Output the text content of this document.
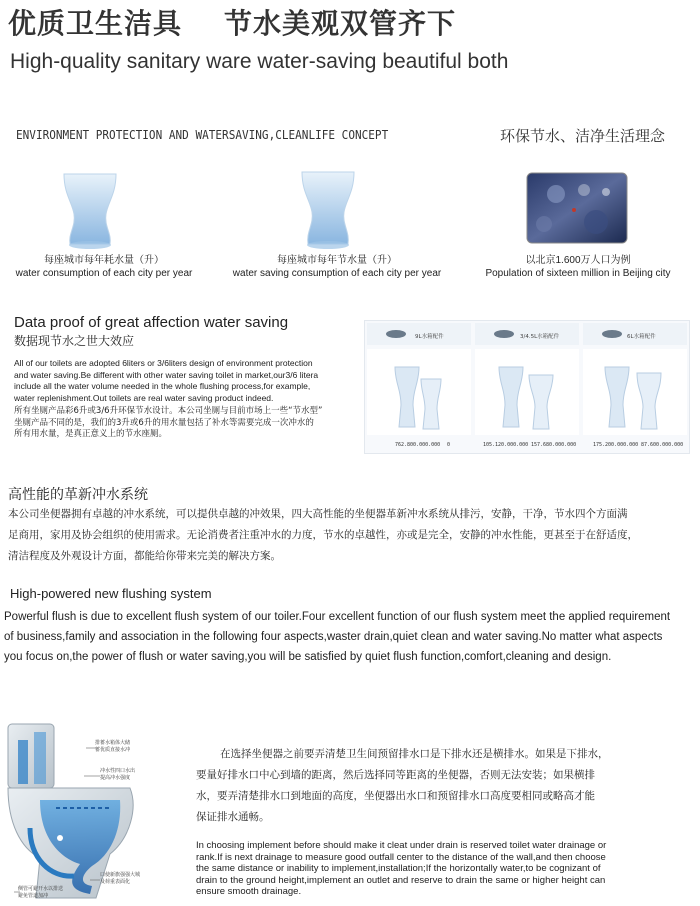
优质卫生洁具 节水美观双管齐下
High-quality sanitary ware water-saving beautiful both
ENVIRONMENT PROTECTION AND WATERSAVING,CLEANLIFE CONCEPT	环保节水、洁净生活理念
每座城市每年耗水量（升）
water consumption of each city per year
每座城市每年节水量（升）
water saving consumption of each city per year
以北京1.600万人口为例
Population of sixteen million in Beijing city
Data proof of great affection water saving
数据现节水之世大效应
All of our toilets are adopted 6liters or 3/6liters design of environment protection
and water saving.Be different with other water saving toilet in market,our3/6 litera
include all the water volume needed in the whole flushing process,for example,
water replenishment.Out toilets are real water saving product indeed.
所有坐厕产品彩6升或3/6升环保节水设计。本公司坐厕与目前市场上一些“节水型”
坐厕产品不同的是，我们的3升或6升的用水量包括了补水等需要完成一次冲水的
所有用水量，是真正意义上的节水座厕。
9L水箱配件	3/4.5L水箱配件	6L水箱配件
762.800.000.000 0	105.120.000.000 157.680.000.000	175.200.000.000 87.600.000.000
高性能的革新冲水系统
本公司坐便器拥有卓越的冲水系统，可以提供卓越的冲效果，四大高性能的坐便器革新冲水系统从排污，安静，干净，节水四个方面满
足商用，家用及协会组织的使用需求。无论消费者注重冲水的力度，节水的卓越性，亦或是完全，安静的冲水性能，更甚至于在舒适度，
清洁程度及外观设计方面，都能给你带来完美的解决方案。
High-powered new flushing system
Powerful flush is due to excellent flush system of our toiler.Four excellent function of our flush system meet the applied requirement
of business,family and association in the following four aspects,waster drain,quiet clean and water saving.No matter what aspects
you focus on,the power of flush or water saving,you will be satisfied by quiet flush function,comfort,cleaning and design.
排蓄水箱体大储
蓄优质直接水冲
冲水性四口水出
提高冲水强度
口使新旗强强大城
及荷重表面化
侧管可避开水以排送
避免管道加冲
在选择坐便器之前要弄清楚卫生间预留排水口是下排水还是横排水。如果是下排水，
要量好排水口中心到墙的距离，然后选择同等距离的坐便器，否则无法安装；如果横排
水，要弄清楚排水口到地面的高度，坐便器出水口和预留排水口高度要相同或略高才能
保证排水通畅。
In choosing implement before should make it cleat under drain is reserved toilet water drainage or
rank.If is next drainage to measure good outfall center to the distance of the wall,and then choose
the same distance or inability to implement,installation;If the horizontally water,to be cognizant of
drain to the ground height,implement an outlet and reserve to drain the same or higher height can
ensure smooth drainage.
